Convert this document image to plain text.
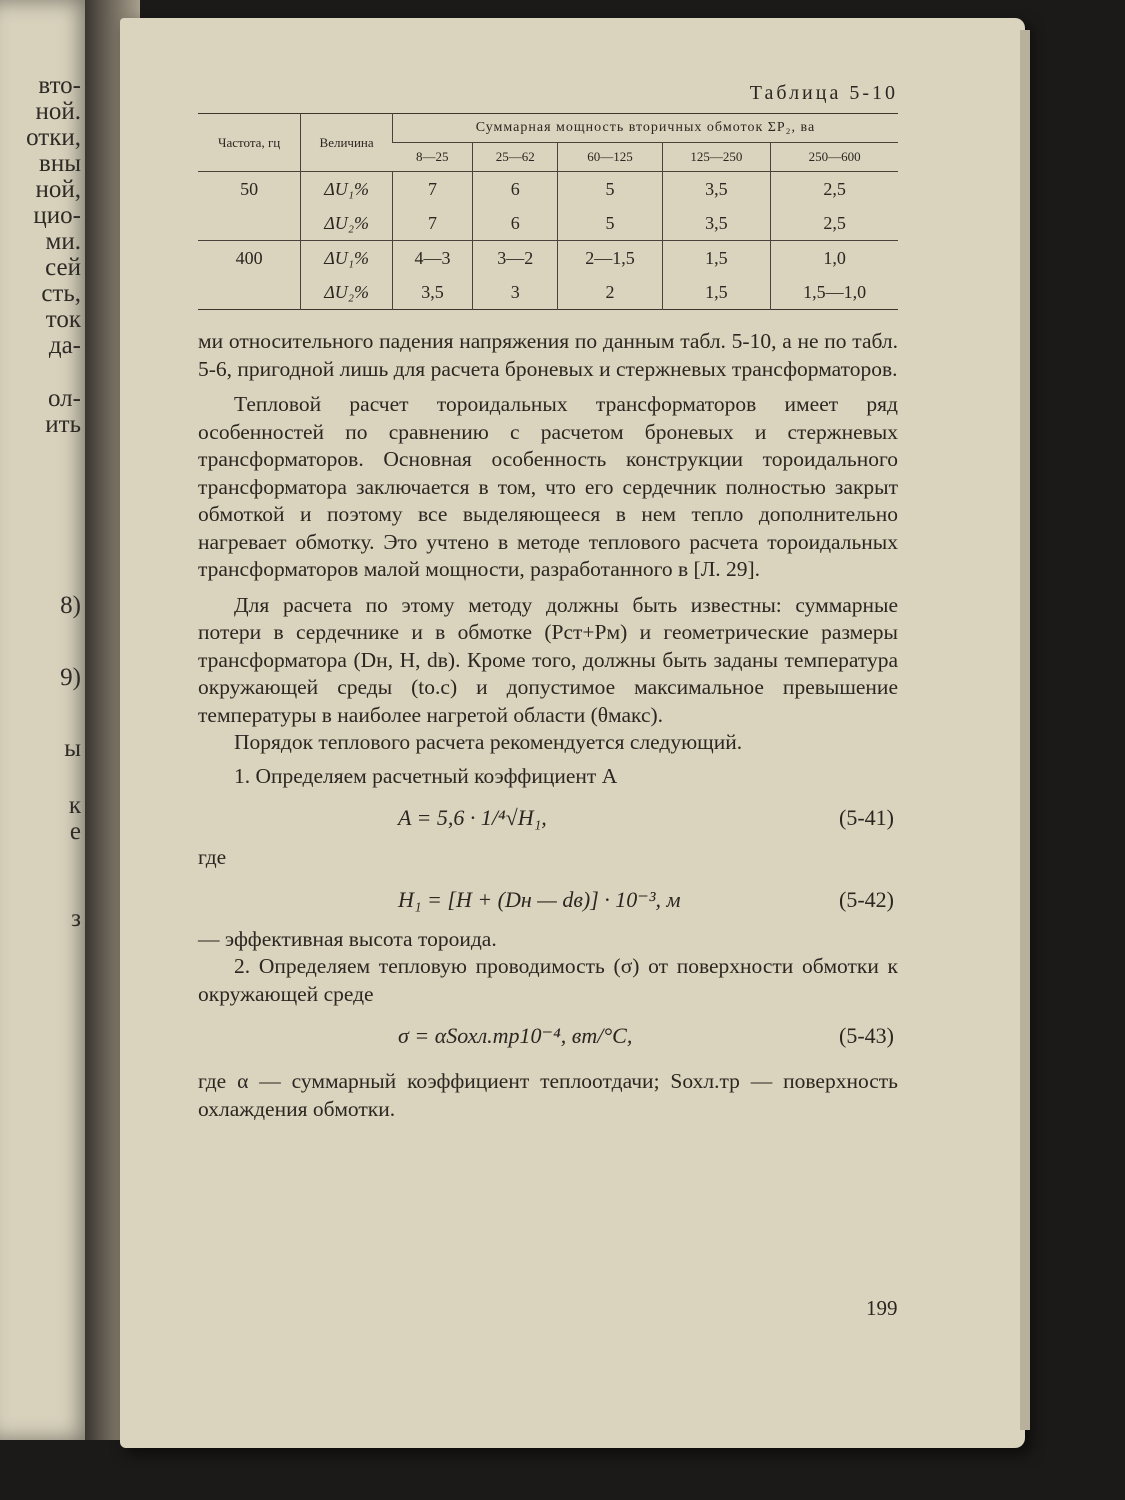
вто-
ной.
отки,
вны
ной,
цио-
ми.
сей
сть,
ток
да-
ол-
ить
8)
9)
ы
к
е
з
Таблица 5-10
Частота, гц	Величина	Суммарная мощность вторичных обмоток ΣP₂, ва				
		8—25	25—62	60—125	125—250	250—600
50	ΔU₁%	7	6	5	3,5	2,5
	ΔU₂%	7	6	5	3,5	2,5
400	ΔU₁%	4—3	3—2	2—1,5	1,5	1,0
	ΔU₂%	3,5	3	2	1,5	1,5—1,0

ми относительного падения напряжения по данным табл. 5-10, а не по табл. 5-6, пригодной лишь для расчета броневых и стержневых трансформаторов.

Тепловой расчет тороидальных трансформаторов имеет ряд особенностей по сравнению с расчетом броневых и стержневых трансформаторов. Основная особенность конструкции тороидального трансформатора заключается в том, что его сердечник полностью закрыт обмоткой и поэтому все выделяющееся в нем тепло дополнительно нагревает обмотку. Это учтено в методе теплового расчета тороидальных трансформаторов малой мощности, разработанного в [Л. 29].

Для расчета по этому методу должны быть известны: суммарные потери в сердечнике и в обмотке (Pст+Pм) и геометрические размеры трансформатора (Dн, H, dв). Кроме того, должны быть заданы температура окружающей среды (tо.с) и допустимое максимальное превышение температуры в наиболее нагретой области (θмакс).

Порядок теплового расчета рекомендуется следующий.

1. Определяем расчетный коэффициент A

A = 5,6 · 1/⁴√H₁,	(5-41)

где

H₁ = [H + (Dн — dв)] · 10⁻³, м	(5-42)

— эффективная высота тороида.

2. Определяем тепловую проводимость (σ) от поверхности обмотки к окружающей среде

σ = αSохл.тр10⁻⁴, вт/°C,	(5-43)

где α — суммарный коэффициент теплоотдачи; Sохл.тр — поверхность охлаждения обмотки.

199
